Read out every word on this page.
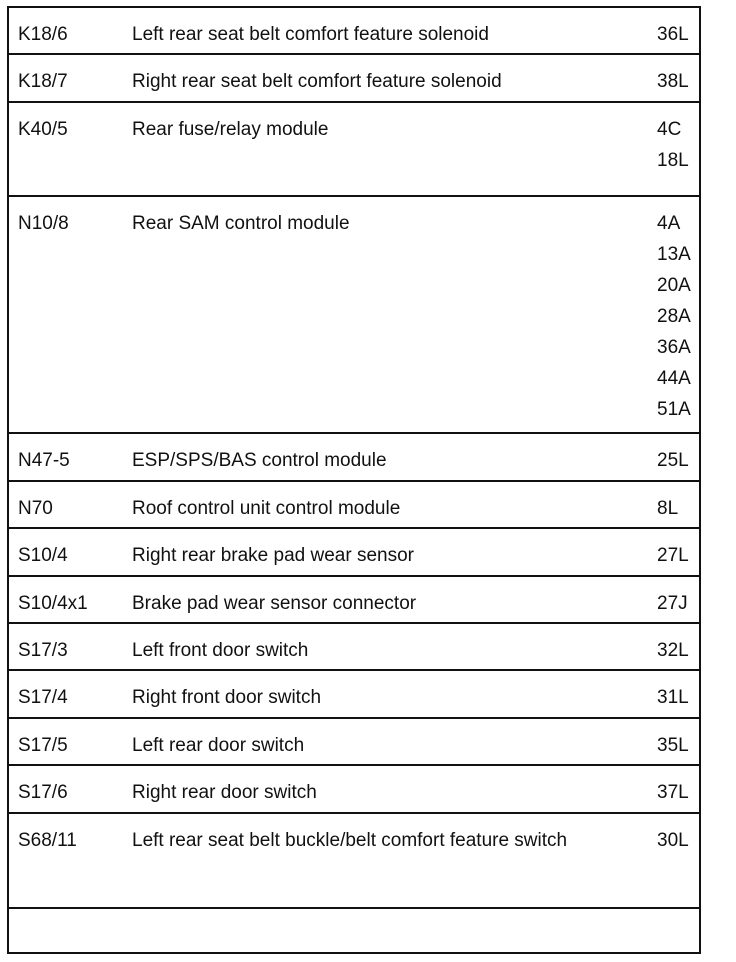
K18/6	Left rear seat belt comfort feature solenoid	36L
K18/7	Right rear seat belt comfort feature solenoid	38L
K40/5	Rear fuse/relay module	4C
18L
N10/8	Rear SAM control module	4A
13A
20A
28A
36A
44A
51A
N47-5	ESP/SPS/BAS control module	25L
N70	Roof control unit control module	8L
S10/4	Right rear brake pad wear sensor	27L
S10/4x1 Brake pad wear sensor connector	27J
S17/3	Left front door switch	32L
S17/4	Right front door switch	31L
S17/5	Left rear door switch	35L
S17/6	Right rear door switch	37L
S68/11	Left rear seat belt buckle/belt comfort feature switch	30L
